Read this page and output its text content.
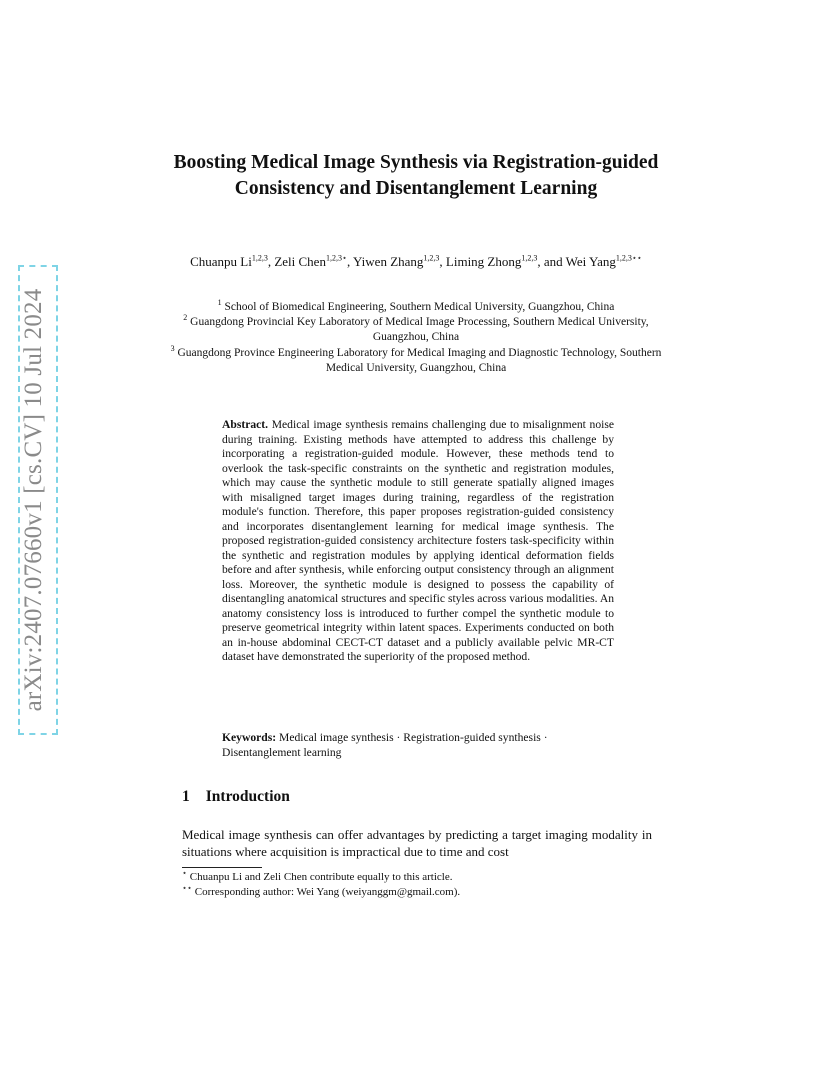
arXiv:2407.07660v1 [cs.CV] 10 Jul 2024
Boosting Medical Image Synthesis via Registration-guided Consistency and Disentanglement Learning
Chuanpu Li$^{1,2,3}$, Zeli Chen$^{1,2,3⋆}$, Yiwen Zhang$^{1,2,3}$, Liming Zhong$^{1,2,3}$, and Wei Yang$^{1,2,3⋆⋆}$
$^1$ School of Biomedical Engineering, Southern Medical University, Guangzhou, China
$^2$ Guangdong Provincial Key Laboratory of Medical Image Processing, Southern Medical University, Guangzhou, China
$^3$ Guangdong Province Engineering Laboratory for Medical Imaging and Diagnostic Technology, Southern Medical University, Guangzhou, China
Abstract. Medical image synthesis remains challenging due to misalignment noise during training. Existing methods have attempted to address this challenge by incorporating a registration-guided module. However, these methods tend to overlook the task-specific constraints on the synthetic and registration modules, which may cause the synthetic module to still generate spatially aligned images with misaligned target images during training, regardless of the registration module's function. Therefore, this paper proposes registration-guided consistency and incorporates disentanglement learning for medical image synthesis. The proposed registration-guided consistency architecture fosters task-specificity within the synthetic and registration modules by applying identical deformation fields before and after synthesis, while enforcing output consistency through an alignment loss. Moreover, the synthetic module is designed to possess the capability of disentangling anatomical structures and specific styles across various modalities. An anatomy consistency loss is introduced to further compel the synthetic module to preserve geometrical integrity within latent spaces. Experiments conducted on both an in-house abdominal CECT-CT dataset and a publicly available pelvic MR-CT dataset have demonstrated the superiority of the proposed method.
Keywords: Medical image synthesis · Registration-guided synthesis · Disentanglement learning
1 Introduction
Medical image synthesis can offer advantages by predicting a target imaging modality in situations where acquisition is impractical due to time and cost
⋆ Chuanpu Li and Zeli Chen contribute equally to this article.
⋆⋆ Corresponding author: Wei Yang (weiyanggm@gmail.com).
